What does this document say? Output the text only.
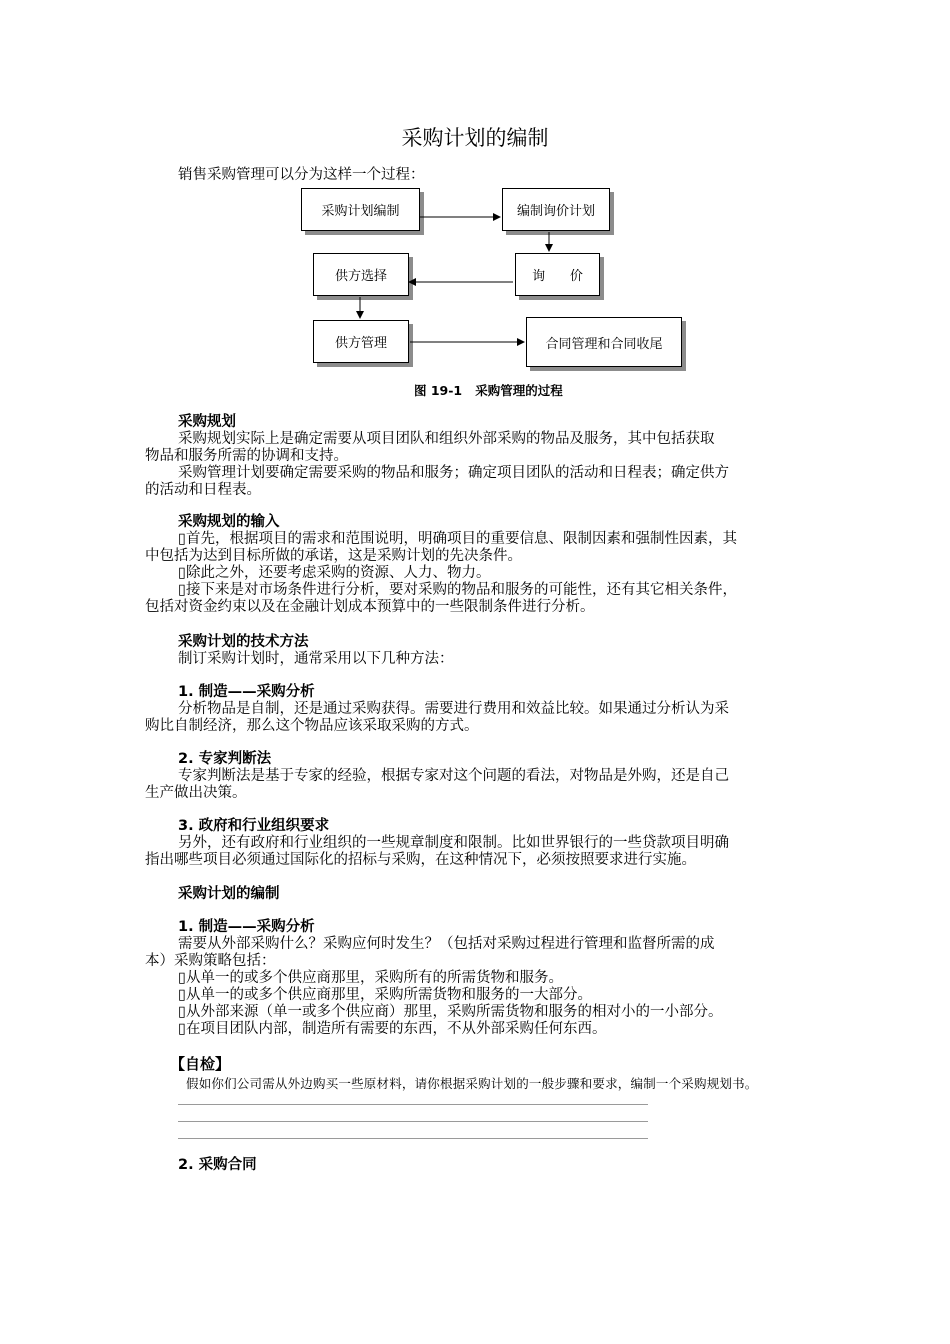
采购计划的编制
销售采购管理可以分为这样一个过程：
采购计划编制	编制询价计划
询      价
供方选择
供方管理	合同管理和合同收尾
图 19-1   采购管理的过程
采购规划
采购规划实际上是确定需要从项目团队和组织外部采购的物品及服务，其中包括获取
物品和服务所需的协调和支持。
采购管理计划要确定需要采购的物品和服务；确定项目团队的活动和日程表；确定供方
的活动和日程表。
采购规划的输入
▯首先，根据项目的需求和范围说明，明确项目的重要信息、限制因素和强制性因素，其
中包括为达到目标所做的承诺，这是采购计划的先决条件。
▯除此之外，还要考虑采购的资源、人力、物力。
▯接下来是对市场条件进行分析，要对采购的物品和服务的可能性，还有其它相关条件，
包括对资金约束以及在金融计划成本预算中的一些限制条件进行分析。
采购计划的技术方法
制订采购计划时，通常采用以下几种方法：
1. 制造——采购分析
分析物品是自制，还是通过采购获得。需要进行费用和效益比较。如果通过分析认为采
购比自制经济，那么这个物品应该采取采购的方式。
2. 专家判断法
专家判断法是基于专家的经验，根据专家对这个问题的看法，对物品是外购，还是自己
生产做出决策。
3. 政府和行业组织要求
另外，还有政府和行业组织的一些规章制度和限制。比如世界银行的一些贷款项目明确
指出哪些项目必须通过国际化的招标与采购，在这种情况下，必须按照要求进行实施。
采购计划的编制
1. 制造——采购分析
需要从外部采购什么？采购应何时发生？（包括对采购过程进行管理和监督所需的成
本）采购策略包括：
▯从单一的或多个供应商那里，采购所有的所需货物和服务。
▯从单一的或多个供应商那里，采购所需货物和服务的一大部分。
▯从外部来源（单一或多个供应商）那里，采购所需货物和服务的相对小的一小部分。
▯在项目团队内部，制造所有需要的东西，不从外部采购任何东西。
【自检】
假如你们公司需从外边购买一些原材料，请你根据采购计划的一般步骤和要求，编制一个采购规划书。
2. 采购合同
